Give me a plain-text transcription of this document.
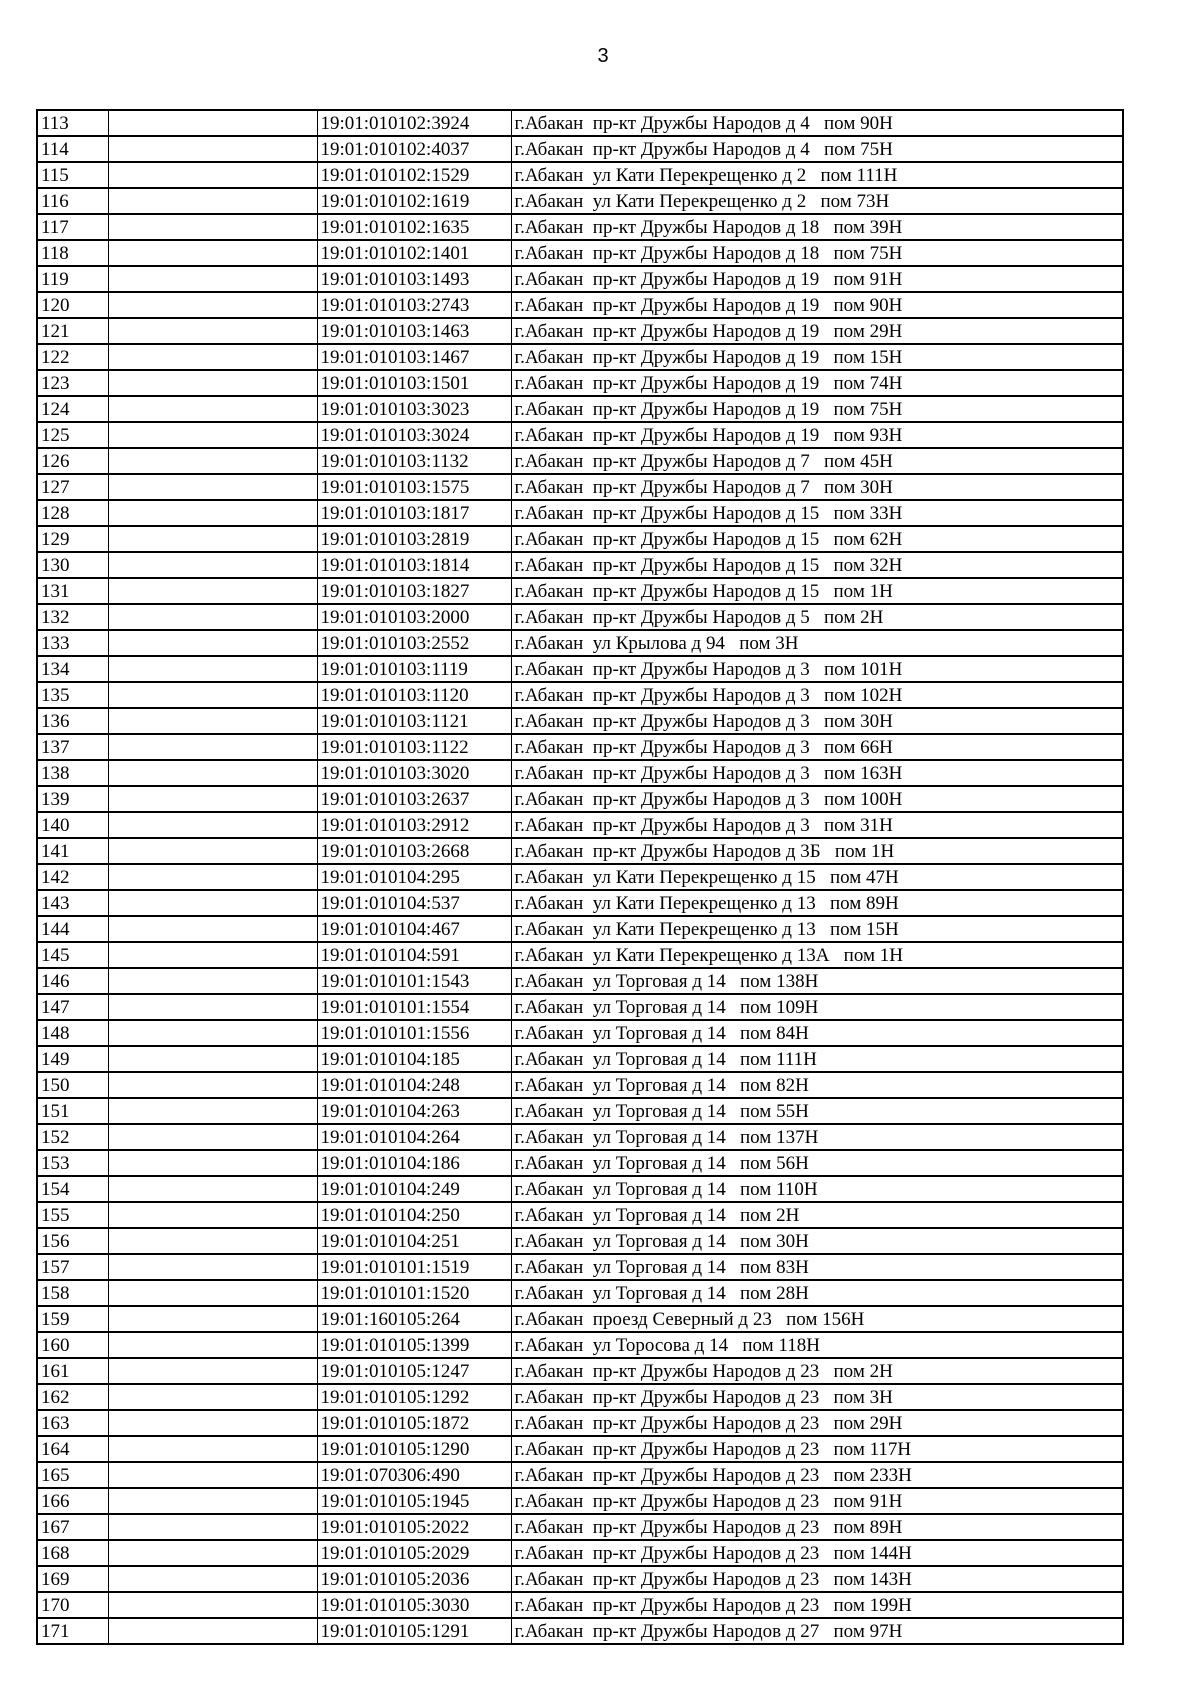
3
113		19:01:010102:3924	г.Абакан  пр-кт Дружбы Народов д 4   пом 90Н
114		19:01:010102:4037	г.Абакан  пр-кт Дружбы Народов д 4   пом 75Н
115		19:01:010102:1529	г.Абакан  ул Кати Перекрещенко д 2   пом 111Н
116		19:01:010102:1619	г.Абакан  ул Кати Перекрещенко д 2   пом 73Н
117		19:01:010102:1635	г.Абакан  пр-кт Дружбы Народов д 18   пом 39Н
118		19:01:010102:1401	г.Абакан  пр-кт Дружбы Народов д 18   пом 75Н
119		19:01:010103:1493	г.Абакан  пр-кт Дружбы Народов д 19   пом 91Н
120		19:01:010103:2743	г.Абакан  пр-кт Дружбы Народов д 19   пом 90Н
121		19:01:010103:1463	г.Абакан  пр-кт Дружбы Народов д 19   пом 29Н
122		19:01:010103:1467	г.Абакан  пр-кт Дружбы Народов д 19   пом 15Н
123		19:01:010103:1501	г.Абакан  пр-кт Дружбы Народов д 19   пом 74Н
124		19:01:010103:3023	г.Абакан  пр-кт Дружбы Народов д 19   пом 75Н
125		19:01:010103:3024	г.Абакан  пр-кт Дружбы Народов д 19   пом 93Н
126		19:01:010103:1132	г.Абакан  пр-кт Дружбы Народов д 7   пом 45Н
127		19:01:010103:1575	г.Абакан  пр-кт Дружбы Народов д 7   пом 30Н
128		19:01:010103:1817	г.Абакан  пр-кт Дружбы Народов д 15   пом 33Н
129		19:01:010103:2819	г.Абакан  пр-кт Дружбы Народов д 15   пом 62Н
130		19:01:010103:1814	г.Абакан  пр-кт Дружбы Народов д 15   пом 32Н
131		19:01:010103:1827	г.Абакан  пр-кт Дружбы Народов д 15   пом 1Н
132		19:01:010103:2000	г.Абакан  пр-кт Дружбы Народов д 5   пом 2Н
133		19:01:010103:2552	г.Абакан  ул Крылова д 94   пом 3Н
134		19:01:010103:1119	г.Абакан  пр-кт Дружбы Народов д 3   пом 101Н
135		19:01:010103:1120	г.Абакан  пр-кт Дружбы Народов д 3   пом 102Н
136		19:01:010103:1121	г.Абакан  пр-кт Дружбы Народов д 3   пом 30Н
137		19:01:010103:1122	г.Абакан  пр-кт Дружбы Народов д 3   пом 66Н
138		19:01:010103:3020	г.Абакан  пр-кт Дружбы Народов д 3   пом 163Н
139		19:01:010103:2637	г.Абакан  пр-кт Дружбы Народов д 3   пом 100Н
140		19:01:010103:2912	г.Абакан  пр-кт Дружбы Народов д 3   пом 31Н
141		19:01:010103:2668	г.Абакан  пр-кт Дружбы Народов д 3Б   пом 1Н
142		19:01:010104:295	г.Абакан  ул Кати Перекрещенко д 15   пом 47Н
143		19:01:010104:537	г.Абакан  ул Кати Перекрещенко д 13   пом 89Н
144		19:01:010104:467	г.Абакан  ул Кати Перекрещенко д 13   пом 15Н
145		19:01:010104:591	г.Абакан  ул Кати Перекрещенко д 13А   пом 1Н
146		19:01:010101:1543	г.Абакан  ул Торговая д 14   пом 138Н
147		19:01:010101:1554	г.Абакан  ул Торговая д 14   пом 109Н
148		19:01:010101:1556	г.Абакан  ул Торговая д 14   пом 84Н
149		19:01:010104:185	г.Абакан  ул Торговая д 14   пом 111Н
150		19:01:010104:248	г.Абакан  ул Торговая д 14   пом 82Н
151		19:01:010104:263	г.Абакан  ул Торговая д 14   пом 55Н
152		19:01:010104:264	г.Абакан  ул Торговая д 14   пом 137Н
153		19:01:010104:186	г.Абакан  ул Торговая д 14   пом 56Н
154		19:01:010104:249	г.Абакан  ул Торговая д 14   пом 110Н
155		19:01:010104:250	г.Абакан  ул Торговая д 14   пом 2Н
156		19:01:010104:251	г.Абакан  ул Торговая д 14   пом 30Н
157		19:01:010101:1519	г.Абакан  ул Торговая д 14   пом 83Н
158		19:01:010101:1520	г.Абакан  ул Торговая д 14   пом 28Н
159		19:01:160105:264	г.Абакан  проезд Северный д 23   пом 156Н
160		19:01:010105:1399	г.Абакан  ул Торосова д 14   пом 118Н
161		19:01:010105:1247	г.Абакан  пр-кт Дружбы Народов д 23   пом 2Н
162		19:01:010105:1292	г.Абакан  пр-кт Дружбы Народов д 23   пом 3Н
163		19:01:010105:1872	г.Абакан  пр-кт Дружбы Народов д 23   пом 29Н
164		19:01:010105:1290	г.Абакан  пр-кт Дружбы Народов д 23   пом 117Н
165		19:01:070306:490	г.Абакан  пр-кт Дружбы Народов д 23   пом 233Н
166		19:01:010105:1945	г.Абакан  пр-кт Дружбы Народов д 23   пом 91Н
167		19:01:010105:2022	г.Абакан  пр-кт Дружбы Народов д 23   пом 89Н
168		19:01:010105:2029	г.Абакан  пр-кт Дружбы Народов д 23   пом 144Н
169		19:01:010105:2036	г.Абакан  пр-кт Дружбы Народов д 23   пом 143Н
170		19:01:010105:3030	г.Абакан  пр-кт Дружбы Народов д 23   пом 199Н
171		19:01:010105:1291	г.Абакан  пр-кт Дружбы Народов д 27   пом 97Н
